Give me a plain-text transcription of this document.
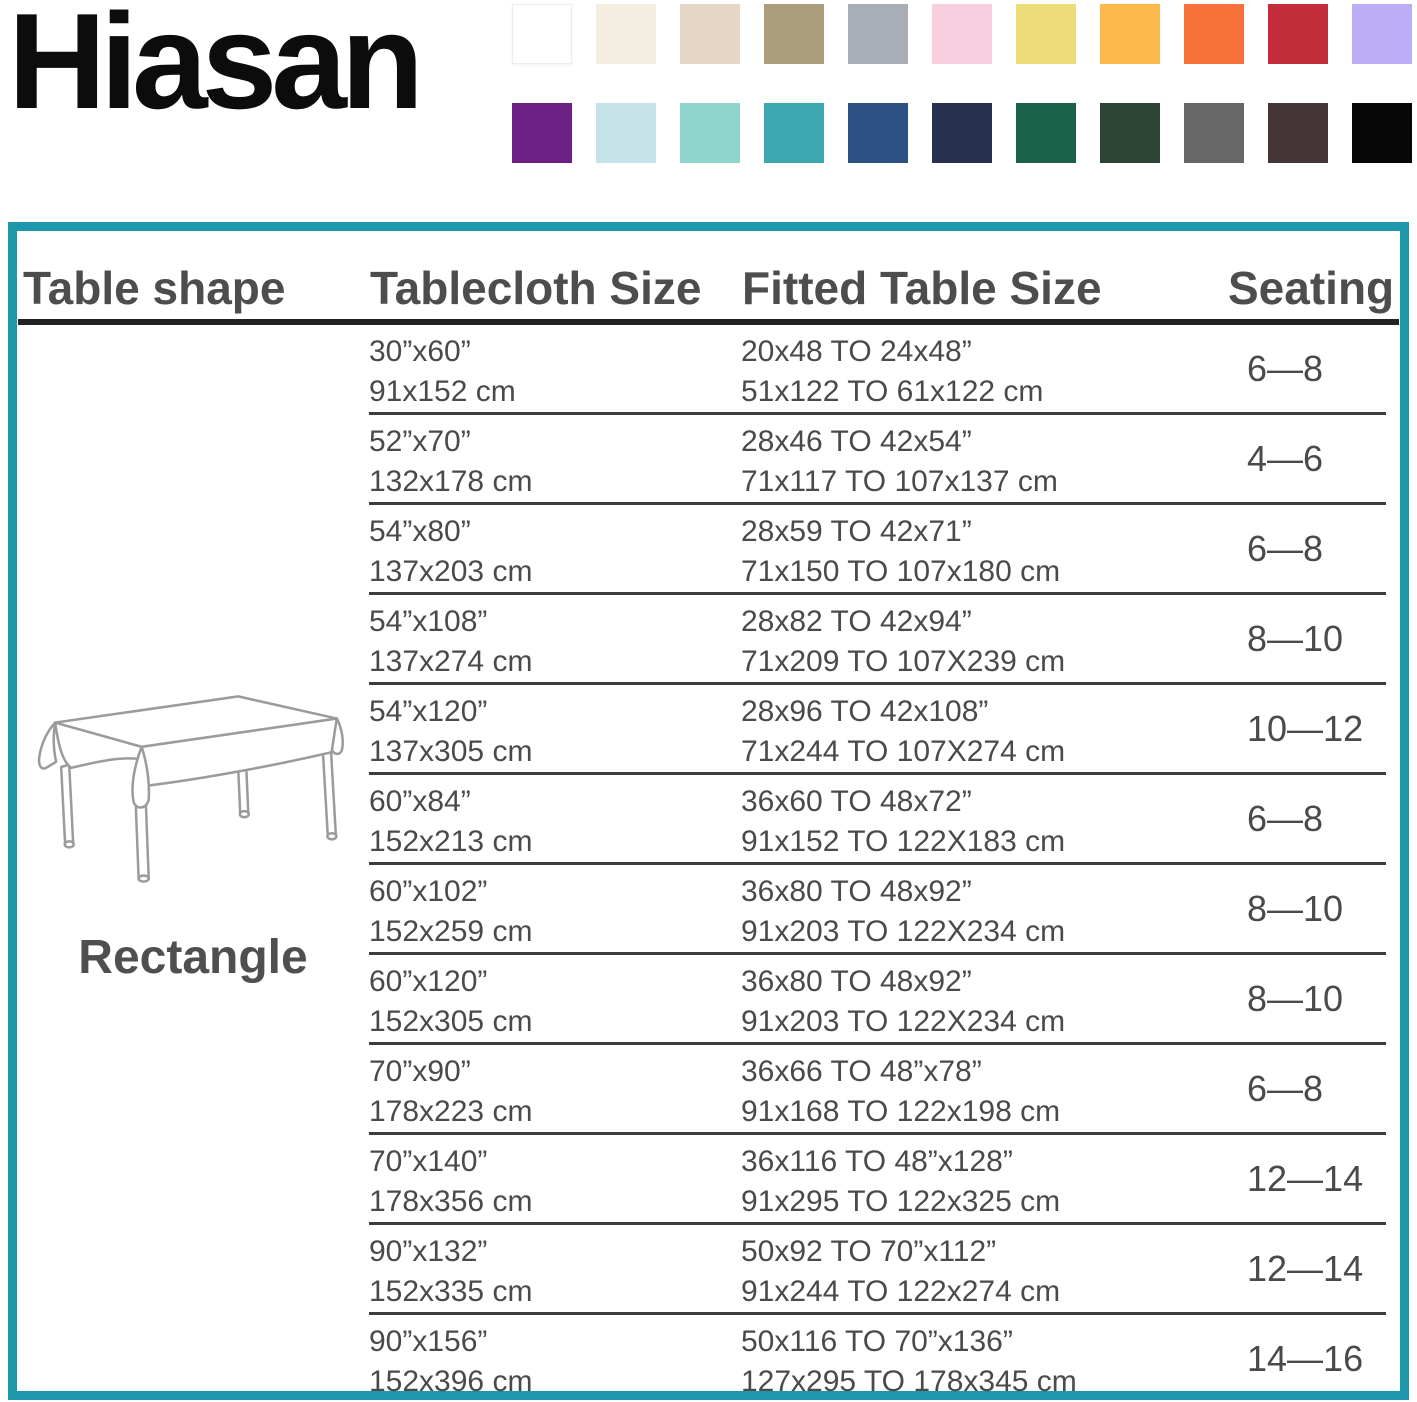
Hiasan
Table shape Tablecloth Size Fitted Table Size	Seating
Rectangle
30”x60”
91x152 cm
20x48 TO 24x48”
51x122 TO 61x122 cm
6—8
52”x70”
132x178 cm
28x46 TO 42x54”
71x117 TO 107x137 cm
4—6
54”x80”
137x203 cm
28x59 TO 42x71”
71x150 TO 107x180 cm
6—8
54”x108”
137x274 cm
28x82 TO 42x94”
71x209 TO 107X239 cm
8—10
54”x120”
137x305 cm
28x96 TO 42x108”
71x244 TO 107X274 cm
10—12
60”x84”
152x213 cm
36x60 TO 48x72”
91x152 TO 122X183 cm
6—8
60”x102”
152x259 cm
36x80 TO 48x92”
91x203 TO 122X234 cm
8—10
60”x120”
152x305 cm
36x80 TO 48x92”
91x203 TO 122X234 cm
8—10
70”x90”
178x223 cm
36x66 TO 48”x78”
91x168 TO 122x198 cm
6—8
70”x140”
178x356 cm
36x116 TO 48”x128”
91x295 TO 122x325 cm
12—14
90”x132”
152x335 cm
50x92 TO 70”x112”
91x244 TO 122x274 cm
12—14
90”x156”
152x396 cm
50x116 TO 70”x136”
127x295 TO 178x345 cm
14—16
